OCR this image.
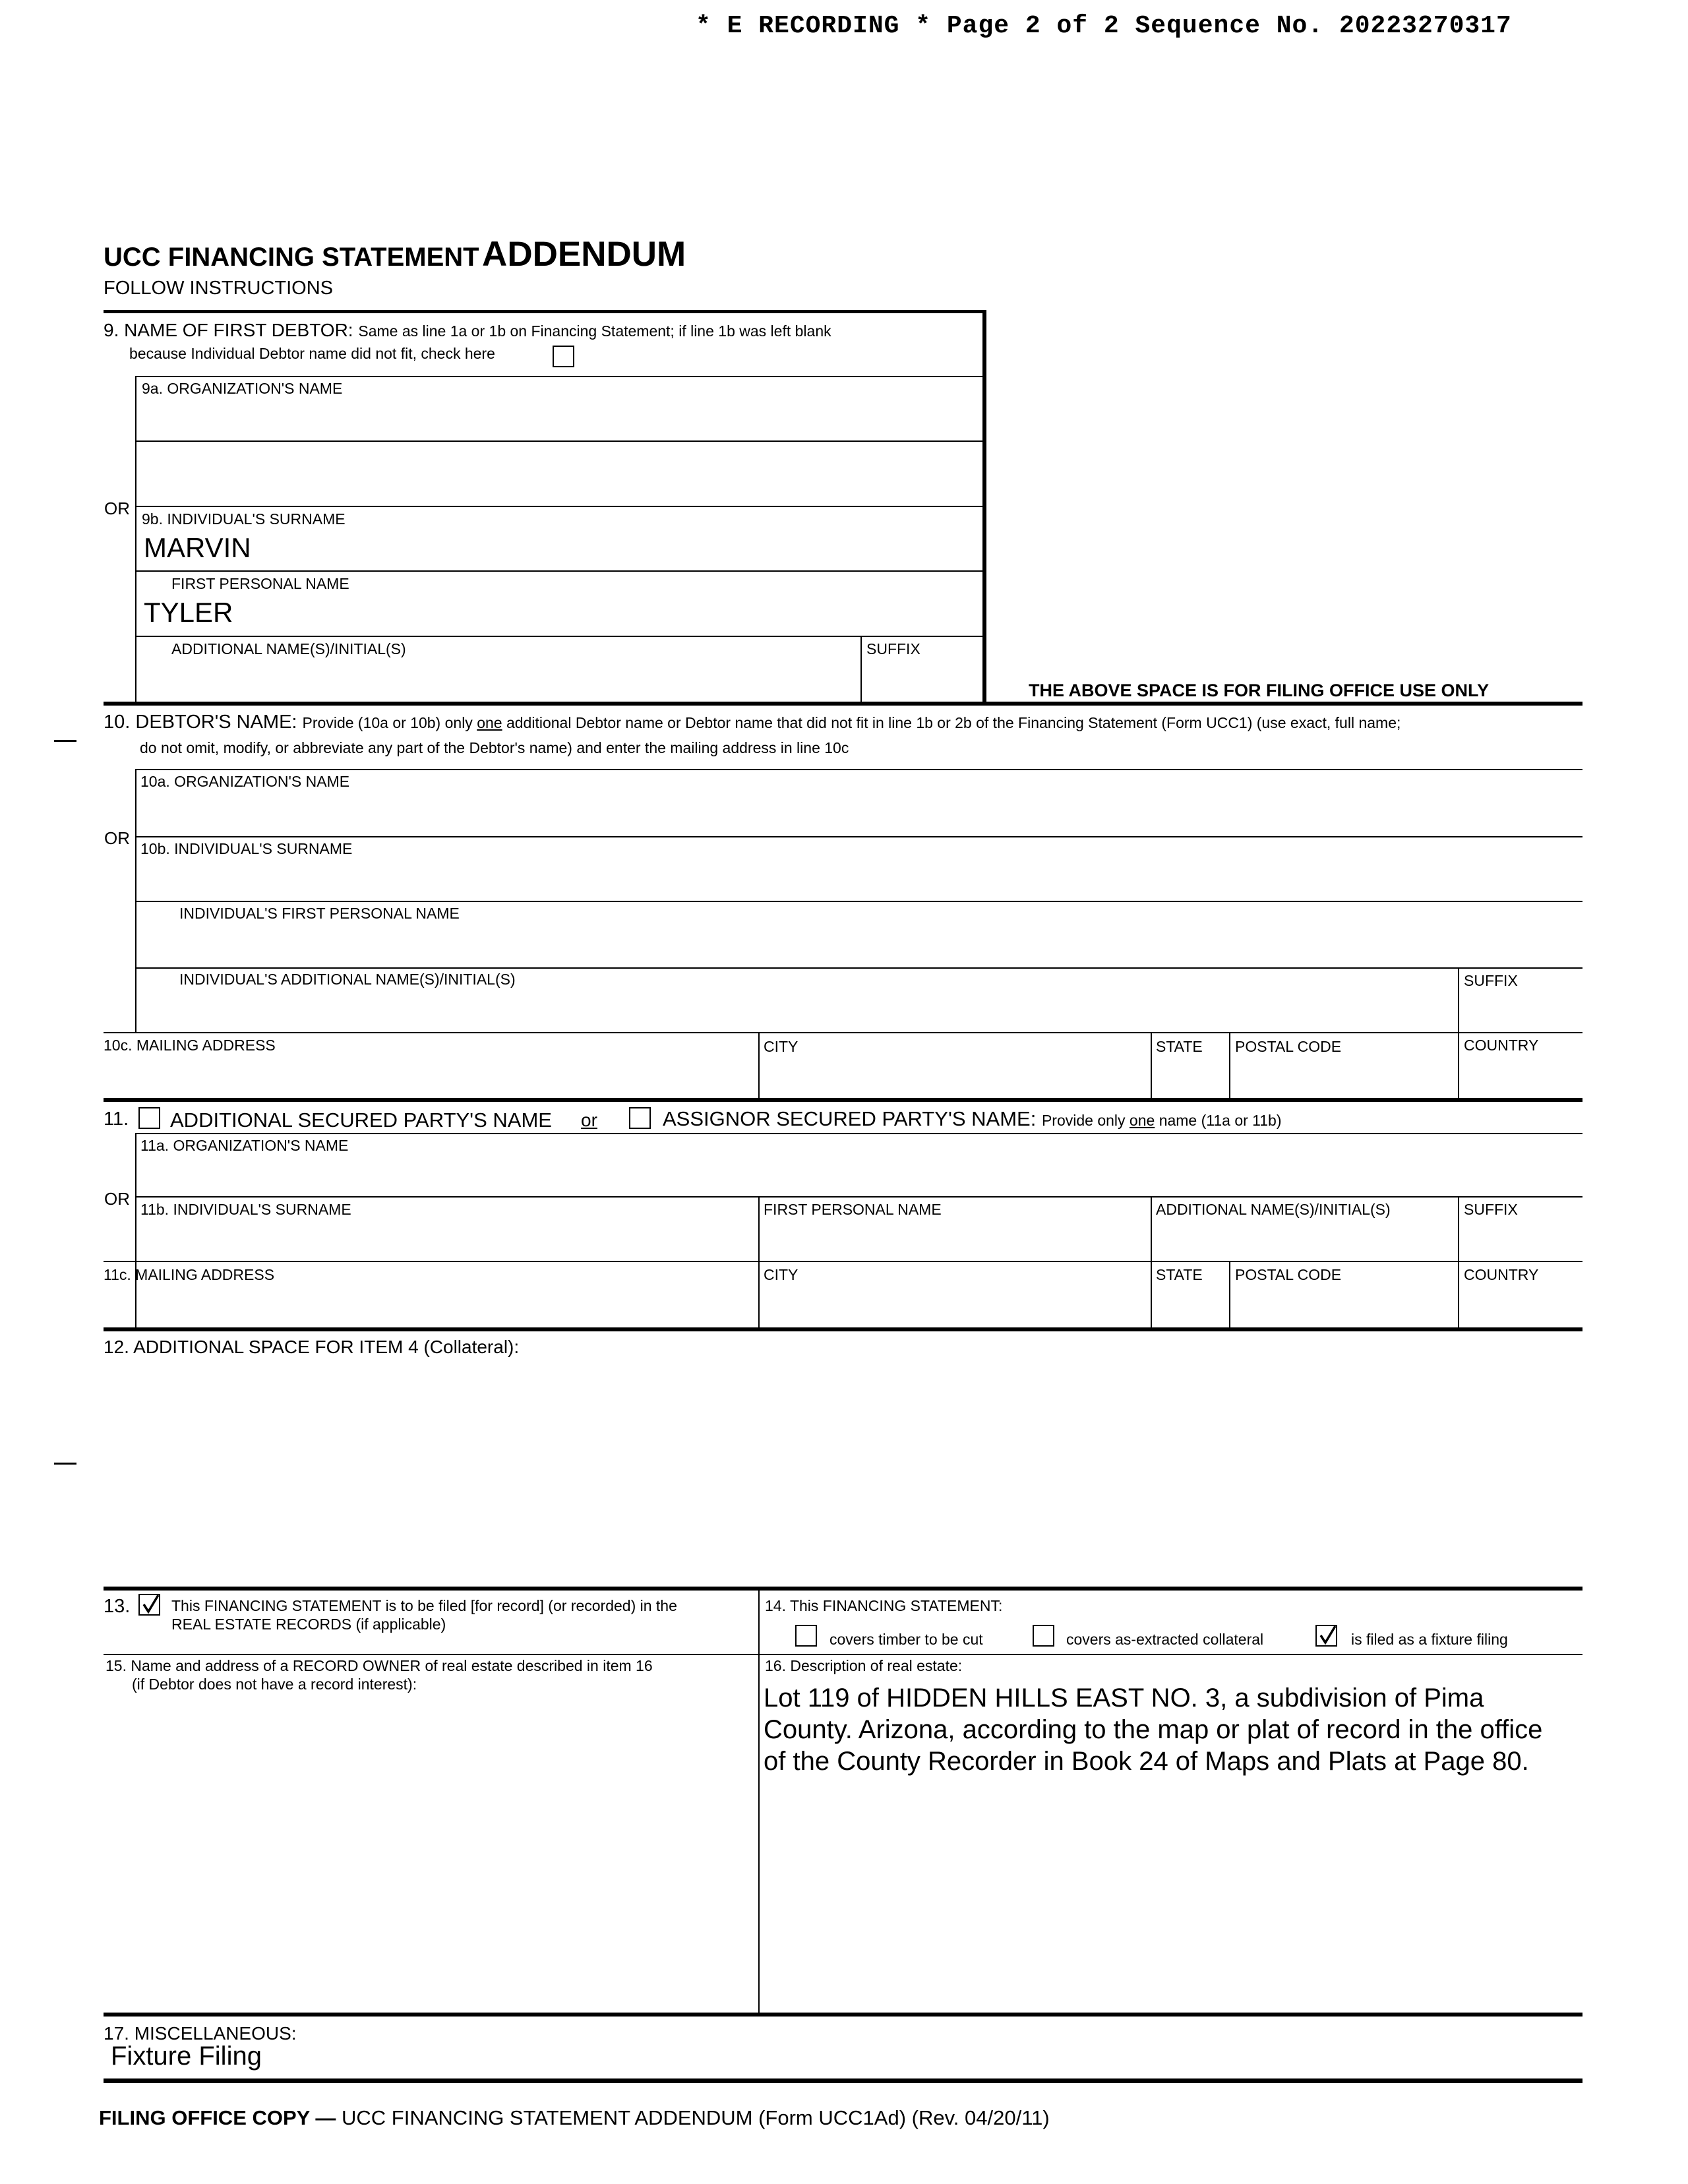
* E RECORDING * Page 2 of 2 Sequence No. 20223270317
UCC FINANCING STATEMENT ADDENDUM
FOLLOW INSTRUCTIONS
9. NAME OF FIRST DEBTOR: Same as line 1a or 1b on Financing Statement; if line 1b was left blank
because Individual Debtor name did not fit, check here
9a. ORGANIZATION'S NAME
OR
9b. INDIVIDUAL'S SURNAME
MARVIN
FIRST PERSONAL NAME
TYLER
ADDITIONAL NAME(S)/INITIAL(S)	SUFFIX
THE ABOVE SPACE IS FOR FILING OFFICE USE ONLY
10. DEBTOR'S NAME: Provide (10a or 10b) only one additional Debtor name or Debtor name that did not fit in line 1b or 2b of the Financing Statement (Form UCC1) (use exact, full name;
do not omit, modify, or abbreviate any part of the Debtor's name) and enter the mailing address in line 10c
10a. ORGANIZATION'S NAME
OR
10b. INDIVIDUAL'S SURNAME
INDIVIDUAL'S FIRST PERSONAL NAME
INDIVIDUAL'S ADDITIONAL NAME(S)/INITIAL(S)	SUFFIX
10c. MAILING ADDRESS	CITY	STATE POSTAL CODE	COUNTRY
11. ADDITIONAL SECURED PARTY'S NAME or	ASSIGNOR SECURED PARTY'S NAME: Provide only one name (11a or 11b)
11a. ORGANIZATION'S NAME
OR
11b. INDIVIDUAL'S SURNAME	FIRST PERSONAL NAME	ADDITIONAL NAME(S)/INITIAL(S)	SUFFIX
11c. MAILING ADDRESS	CITY	STATE POSTAL CODE	COUNTRY
12. ADDITIONAL SPACE FOR ITEM 4 (Collateral):
13.	This FINANCING STATEMENT is to be filed [for record] (or recorded) in the
REAL ESTATE RECORDS (if applicable)
14. This FINANCING STATEMENT:
covers timber to be cut	covers as-extracted collateral	is filed as a fixture filing
15. Name and address of a RECORD OWNER of real estate described in item 16
(if Debtor does not have a record interest):
16. Description of real estate:
Lot 119 of HIDDEN HILLS EAST NO. 3, a subdivision of Pima
County. Arizona, according to the map or plat of record in the office
of the County Recorder in Book 24 of Maps and Plats at Page 80.
17. MISCELLANEOUS:
Fixture Filing
FILING OFFICE COPY — UCC FINANCING STATEMENT ADDENDUM (Form UCC1Ad) (Rev. 04/20/11)
